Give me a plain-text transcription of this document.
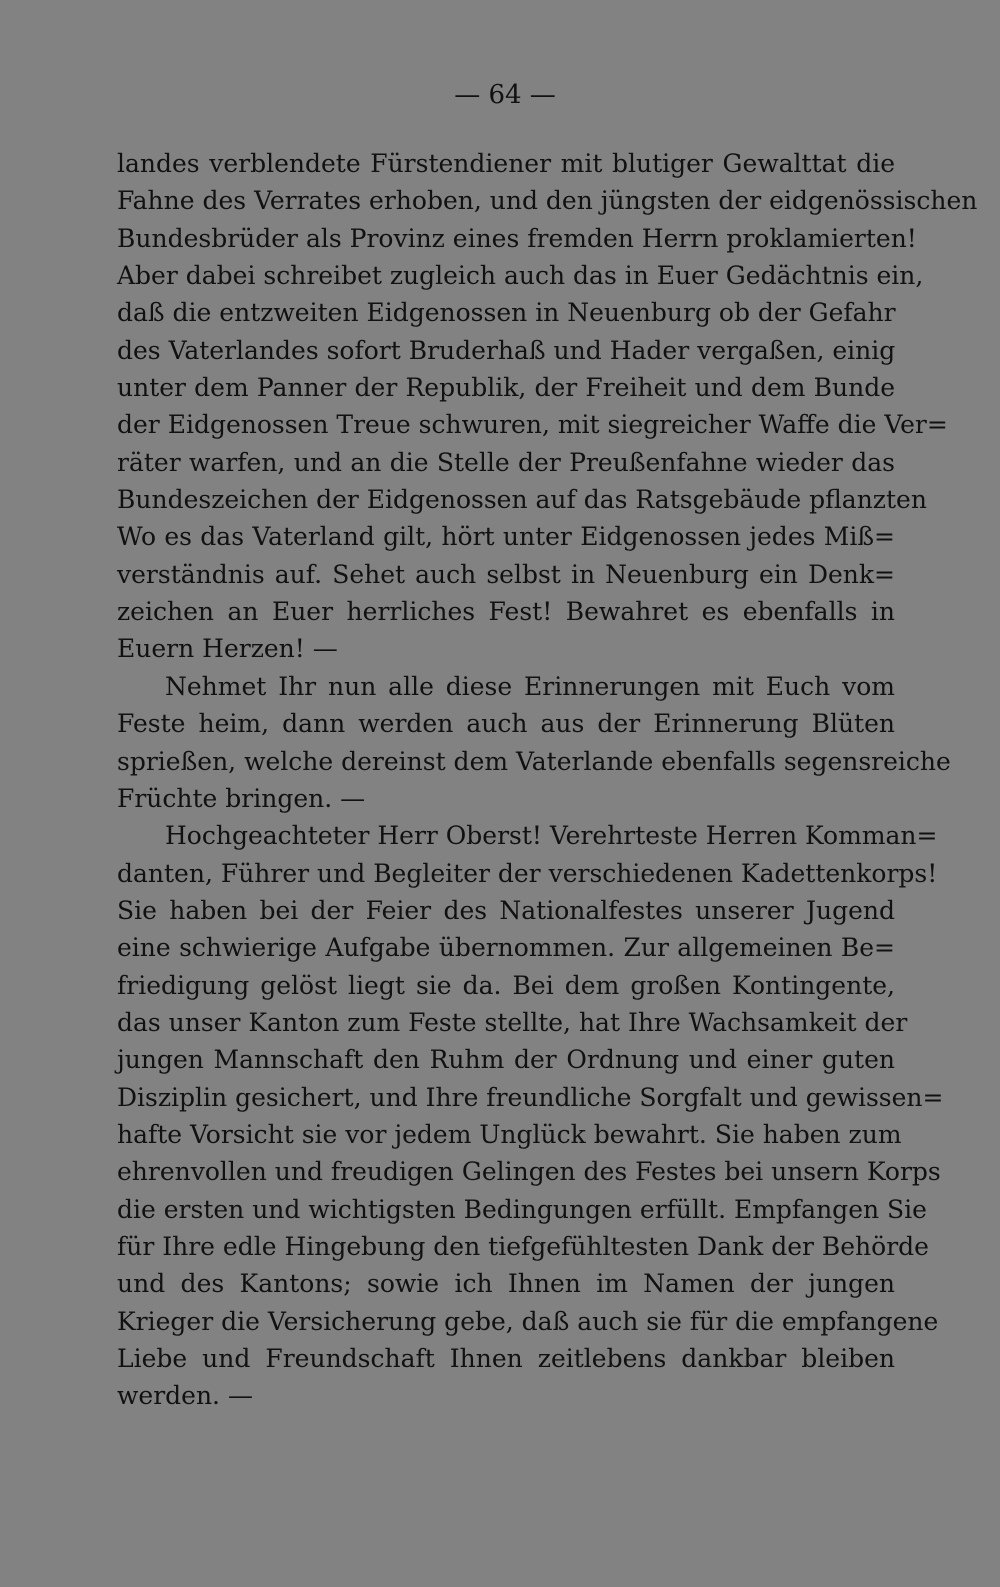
— 64 —
landes verblendete Fürstendiener mit blutiger Gewalttat die
Fahne des Verrates erhoben, und den jüngsten der eidgenössischen
Bundesbrüder als Provinz eines fremden Herrn proklamierten!
Aber dabei schreibet zugleich auch das in Euer Gedächtnis ein,
daß die entzweiten Eidgenossen in Neuenburg ob der Gefahr
des Vaterlandes sofort Bruderhaß und Hader vergaßen, einig
unter dem Panner der Republik, der Freiheit und dem Bunde
der Eidgenossen Treue schwuren, mit siegreicher Waffe die Ver=
räter warfen, und an die Stelle der Preußenfahne wieder das
Bundeszeichen der Eidgenossen auf das Ratsgebäude pflanzten
Wo es das Vaterland gilt, hört unter Eidgenossen jedes Miß=
verständnis auf. Sehet auch selbst in Neuenburg ein Denk=
zeichen an Euer herrliches Fest! Bewahret es ebenfalls in
Euern Herzen! —
Nehmet Ihr nun alle diese Erinnerungen mit Euch vom
Feste heim, dann werden auch aus der Erinnerung Blüten
sprießen, welche dereinst dem Vaterlande ebenfalls segensreiche
Früchte bringen. —
Hochgeachteter Herr Oberst! Verehrteste Herren Komman=
danten, Führer und Begleiter der verschiedenen Kadettenkorps!
Sie haben bei der Feier des Nationalfestes unserer Jugend
eine schwierige Aufgabe übernommen. Zur allgemeinen Be=
friedigung gelöst liegt sie da. Bei dem großen Kontingente,
das unser Kanton zum Feste stellte, hat Ihre Wachsamkeit der
jungen Mannschaft den Ruhm der Ordnung und einer guten
Disziplin gesichert, und Ihre freundliche Sorgfalt und gewissen=
hafte Vorsicht sie vor jedem Unglück bewahrt. Sie haben zum
ehrenvollen und freudigen Gelingen des Festes bei unsern Korps
die ersten und wichtigsten Bedingungen erfüllt. Empfangen Sie
für Ihre edle Hingebung den tiefgefühltesten Dank der Behörde
und des Kantons; sowie ich Ihnen im Namen der jungen
Krieger die Versicherung gebe, daß auch sie für die empfangene
Liebe und Freundschaft Ihnen zeitlebens dankbar bleiben
werden. —
